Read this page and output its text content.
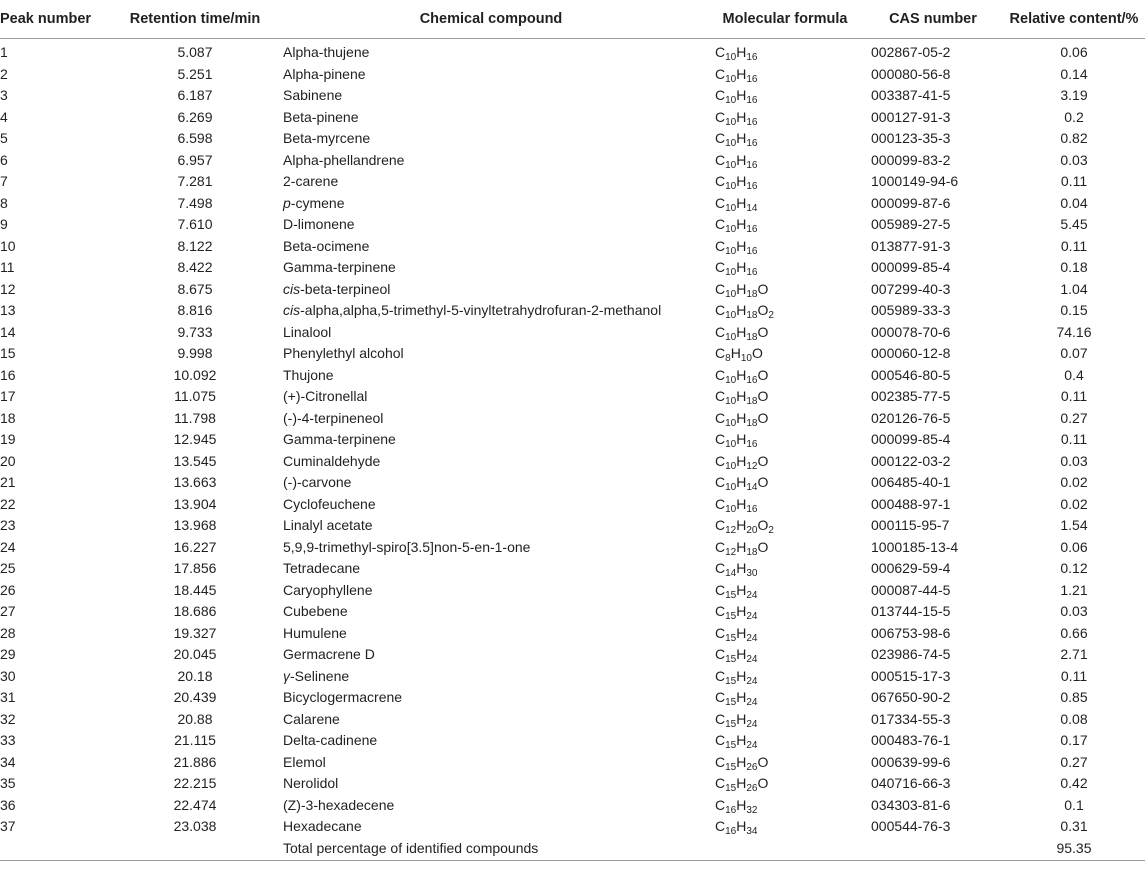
Peak number	Retention time/min	Chemical compound	Molecular formula	CAS number	Relative content/%
1	5.087	Alpha-thujene	$C_{10}H_{16}$	002867-05-2	0.06
2	5.251	Alpha-pinene	$C_{10}H_{16}$	000080-56-8	0.14
3	6.187	Sabinene	$C_{10}H_{16}$	003387-41-5	3.19
4	6.269	Beta-pinene	$C_{10}H_{16}$	000127-91-3	0.2
5	6.598	Beta-myrcene	$C_{10}H_{16}$	000123-35-3	0.82
6	6.957	Alpha-phellandrene	$C_{10}H_{16}$	000099-83-2	0.03
7	7.281	2-carene	$C_{10}H_{16}$	1000149-94-6	0.11
8	7.498	p-cymene	$C_{10}H_{14}$	000099-87-6	0.04
9	7.610	D-limonene	$C_{10}H_{16}$	005989-27-5	5.45
10	8.122	Beta-ocimene	$C_{10}H_{16}$	013877-91-3	0.11
11	8.422	Gamma-terpinene	$C_{10}H_{16}$	000099-85-4	0.18
12	8.675	cis-beta-terpineol	$C_{10}H_{18}O$	007299-40-3	1.04
13	8.816	cis-alpha,alpha,5-trimethyl-5-vinyltetrahydrofuran-2-methanol	$C_{10}H_{18}O_2$	005989-33-3	0.15
14	9.733	Linalool	$C_{10}H_{18}O$	000078-70-6	74.16
15	9.998	Phenylethyl alcohol	$C_8H_{10}O$	000060-12-8	0.07
16	10.092	Thujone	$C_{10}H_{16}O$	000546-80-5	0.4
17	11.075	(+)-Citronellal	$C_{10}H_{18}O$	002385-77-5	0.11
18	11.798	(-)-4-terpineneol	$C_{10}H_{18}O$	020126-76-5	0.27
19	12.945	Gamma-terpinene	$C_{10}H_{16}$	000099-85-4	0.11
20	13.545	Cuminaldehyde	$C_{10}H_{12}O$	000122-03-2	0.03
21	13.663	(-)-carvone	$C_{10}H_{14}O$	006485-40-1	0.02
22	13.904	Cyclofeuchene	$C_{10}H_{16}$	000488-97-1	0.02
23	13.968	Linalyl acetate	$C_{12}H_{20}O_2$	000115-95-7	1.54
24	16.227	5,9,9-trimethyl-spiro[3.5]non-5-en-1-one	$C_{12}H_{18}O$	1000185-13-4	0.06
25	17.856	Tetradecane	$C_{14}H_{30}$	000629-59-4	0.12
26	18.445	Caryophyllene	$C_{15}H_{24}$	000087-44-5	1.21
27	18.686	Cubebene	$C_{15}H_{24}$	013744-15-5	0.03
28	19.327	Humulene	$C_{15}H_{24}$	006753-98-6	0.66
29	20.045	Germacrene D	$C_{15}H_{24}$	023986-74-5	2.71
30	20.18	γ-Selinene	$C_{15}H_{24}$	000515-17-3	0.11
31	20.439	Bicyclogermacrene	$C_{15}H_{24}$	067650-90-2	0.85
32	20.88	Calarene	$C_{15}H_{24}$	017334-55-3	0.08
33	21.115	Delta-cadinene	$C_{15}H_{24}$	000483-76-1	0.17
34	21.886	Elemol	$C_{15}H_{26}O$	000639-99-6	0.27
35	22.215	Nerolidol	$C_{15}H_{26}O$	040716-66-3	0.42
36	22.474	(Z)-3-hexadecene	$C_{16}H_{32}$	034303-81-6	0.1
37	23.038	Hexadecane	$C_{16}H_{34}$	000544-76-3	0.31
		Total percentage of identified compounds			95.35
